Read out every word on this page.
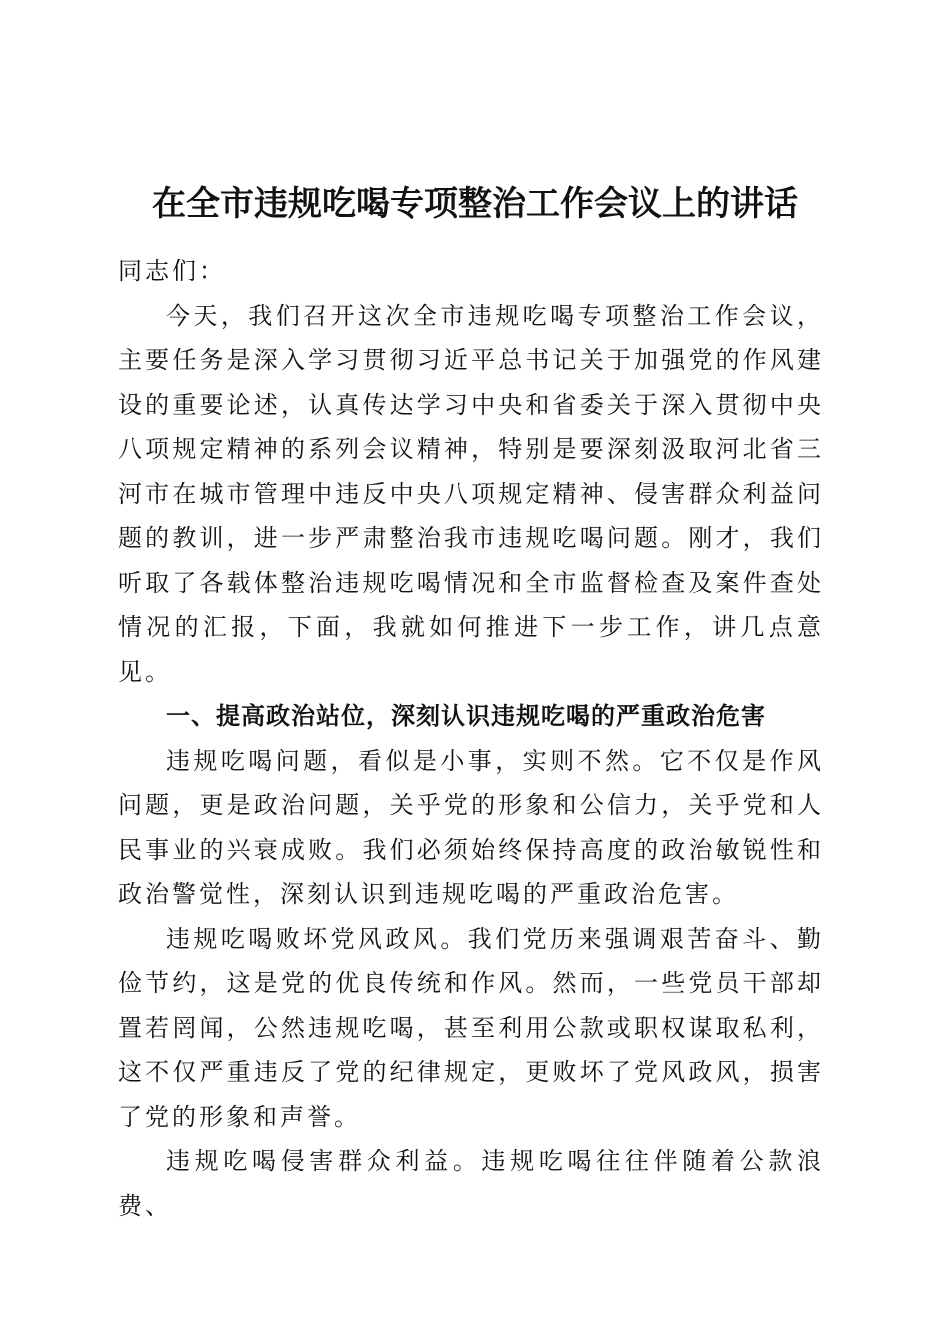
在全市违规吃喝专项整治工作会议上的讲话

同志们：

今天，我们召开这次全市违规吃喝专项整治工作会议，主要任务是深入学习贯彻习近平总书记关于加强党的作风建设的重要论述，认真传达学习中央和省委关于深入贯彻中央八项规定精神的系列会议精神，特别是要深刻汲取河北省三河市在城市管理中违反中央八项规定精神、侵害群众利益问题的教训，进一步严肃整治我市违规吃喝问题。刚才，我们听取了各载体整治违规吃喝情况和全市监督检查及案件查处情况的汇报，下面，我就如何推进下一步工作，讲几点意见。

一、提高政治站位，深刻认识违规吃喝的严重政治危害

违规吃喝问题，看似是小事，实则不然。它不仅是作风问题，更是政治问题，关乎党的形象和公信力，关乎党和人民事业的兴衰成败。我们必须始终保持高度的政治敏锐性和政治警觉性，深刻认识到违规吃喝的严重政治危害。

违规吃喝败坏党风政风。我们党历来强调艰苦奋斗、勤俭节约，这是党的优良传统和作风。然而，一些党员干部却置若罔闻，公然违规吃喝，甚至利用公款或职权谋取私利，这不仅严重违反了党的纪律规定，更败坏了党风政风，损害了党的形象和声誉。

违规吃喝侵害群众利益。违规吃喝往往伴随着公款浪费、
